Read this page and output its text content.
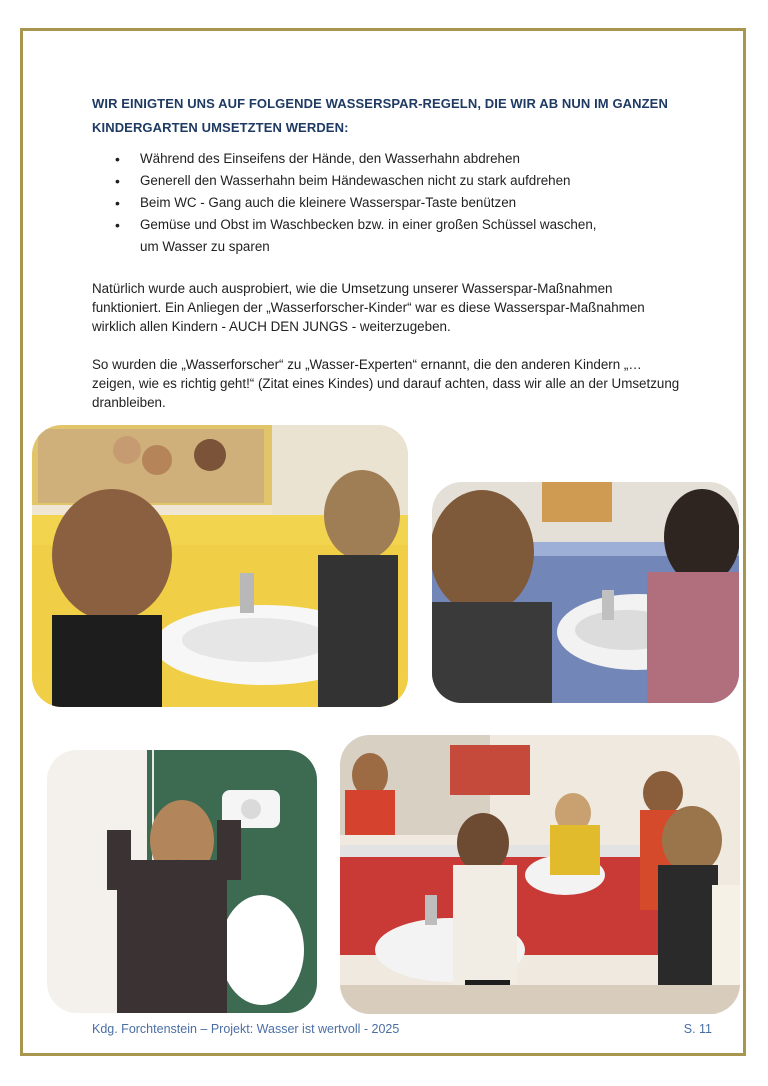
WIR EINIGTEN UNS AUF FOLGENDE WASSERSPAR-REGELN, DIE WIR AB NUN IM GANZEN KINDERGARTEN UMSETZTEN WERDEN:
• Während des Einseifens der Hände, den Wasserhahn abdrehen
• Generell den Wasserhahn beim Händewaschen nicht zu stark aufdrehen
• Beim WC - Gang auch die kleinere Wasserspar-Taste benützen
• Gemüse und Obst im Waschbecken bzw. in einer großen Schüssel waschen,
um Wasser zu sparen

Natürlich wurde auch ausprobiert, wie die Umsetzung unserer Wasserspar-Maßnahmen funktioniert. Ein Anliegen der „Wasserforscher-Kinder“ war es diese Wasserspar-Maßnahmen wirklich allen Kindern - AUCH DEN JUNGS - weiterzugeben.

So wurden die „Wasserforscher“ zu „Wasser-Experten“ ernannt, die den anderen Kindern „… zeigen, wie es richtig geht!“ (Zitat eines Kindes) und darauf achten, dass wir alle an der Umsetzung dranbleiben.

Kdg. Forchtenstein – Projekt: Wasser ist wertvoll - 2025	S. 11
